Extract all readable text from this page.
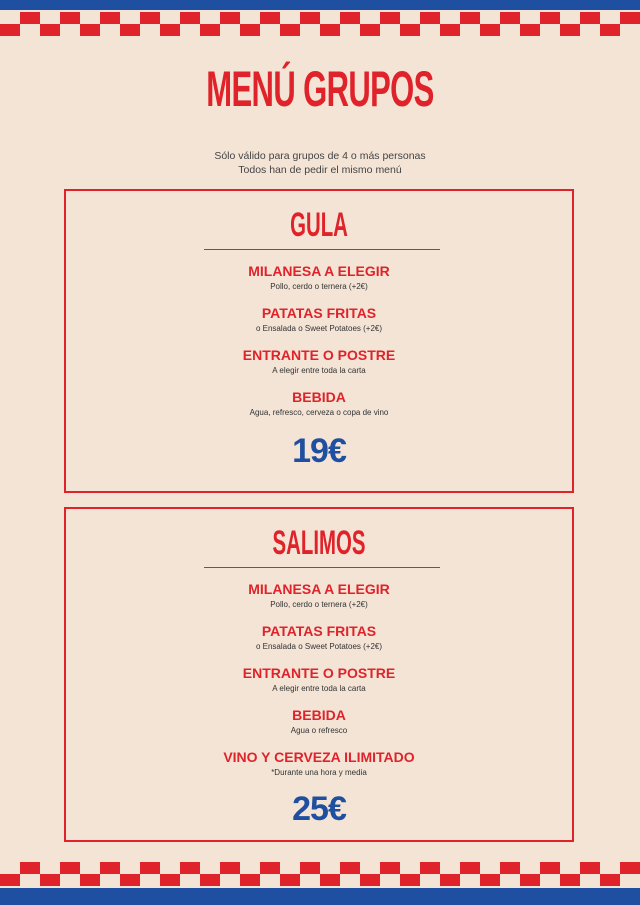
MENÚ GRUPOS
Sólo válido para grupos de 4 o más personas
Todos han de pedir el mismo menú
GULA
MILANESA A ELEGIR
Pollo, cerdo o ternera (+2€)
PATATAS FRITAS
o Ensalada o Sweet Potatoes (+2€)
ENTRANTE O POSTRE
A elegir entre toda la carta
BEBIDA
Agua, refresco, cerveza o copa de vino
19€
SALIMOS
MILANESA A ELEGIR
Pollo, cerdo o ternera (+2€)
PATATAS FRITAS
o Ensalada o Sweet Potatoes (+2€)
ENTRANTE O POSTRE
A elegir entre toda la carta
BEBIDA
Agua o refresco
VINO Y CERVEZA ILIMITADO
*Durante una hora y media
25€
